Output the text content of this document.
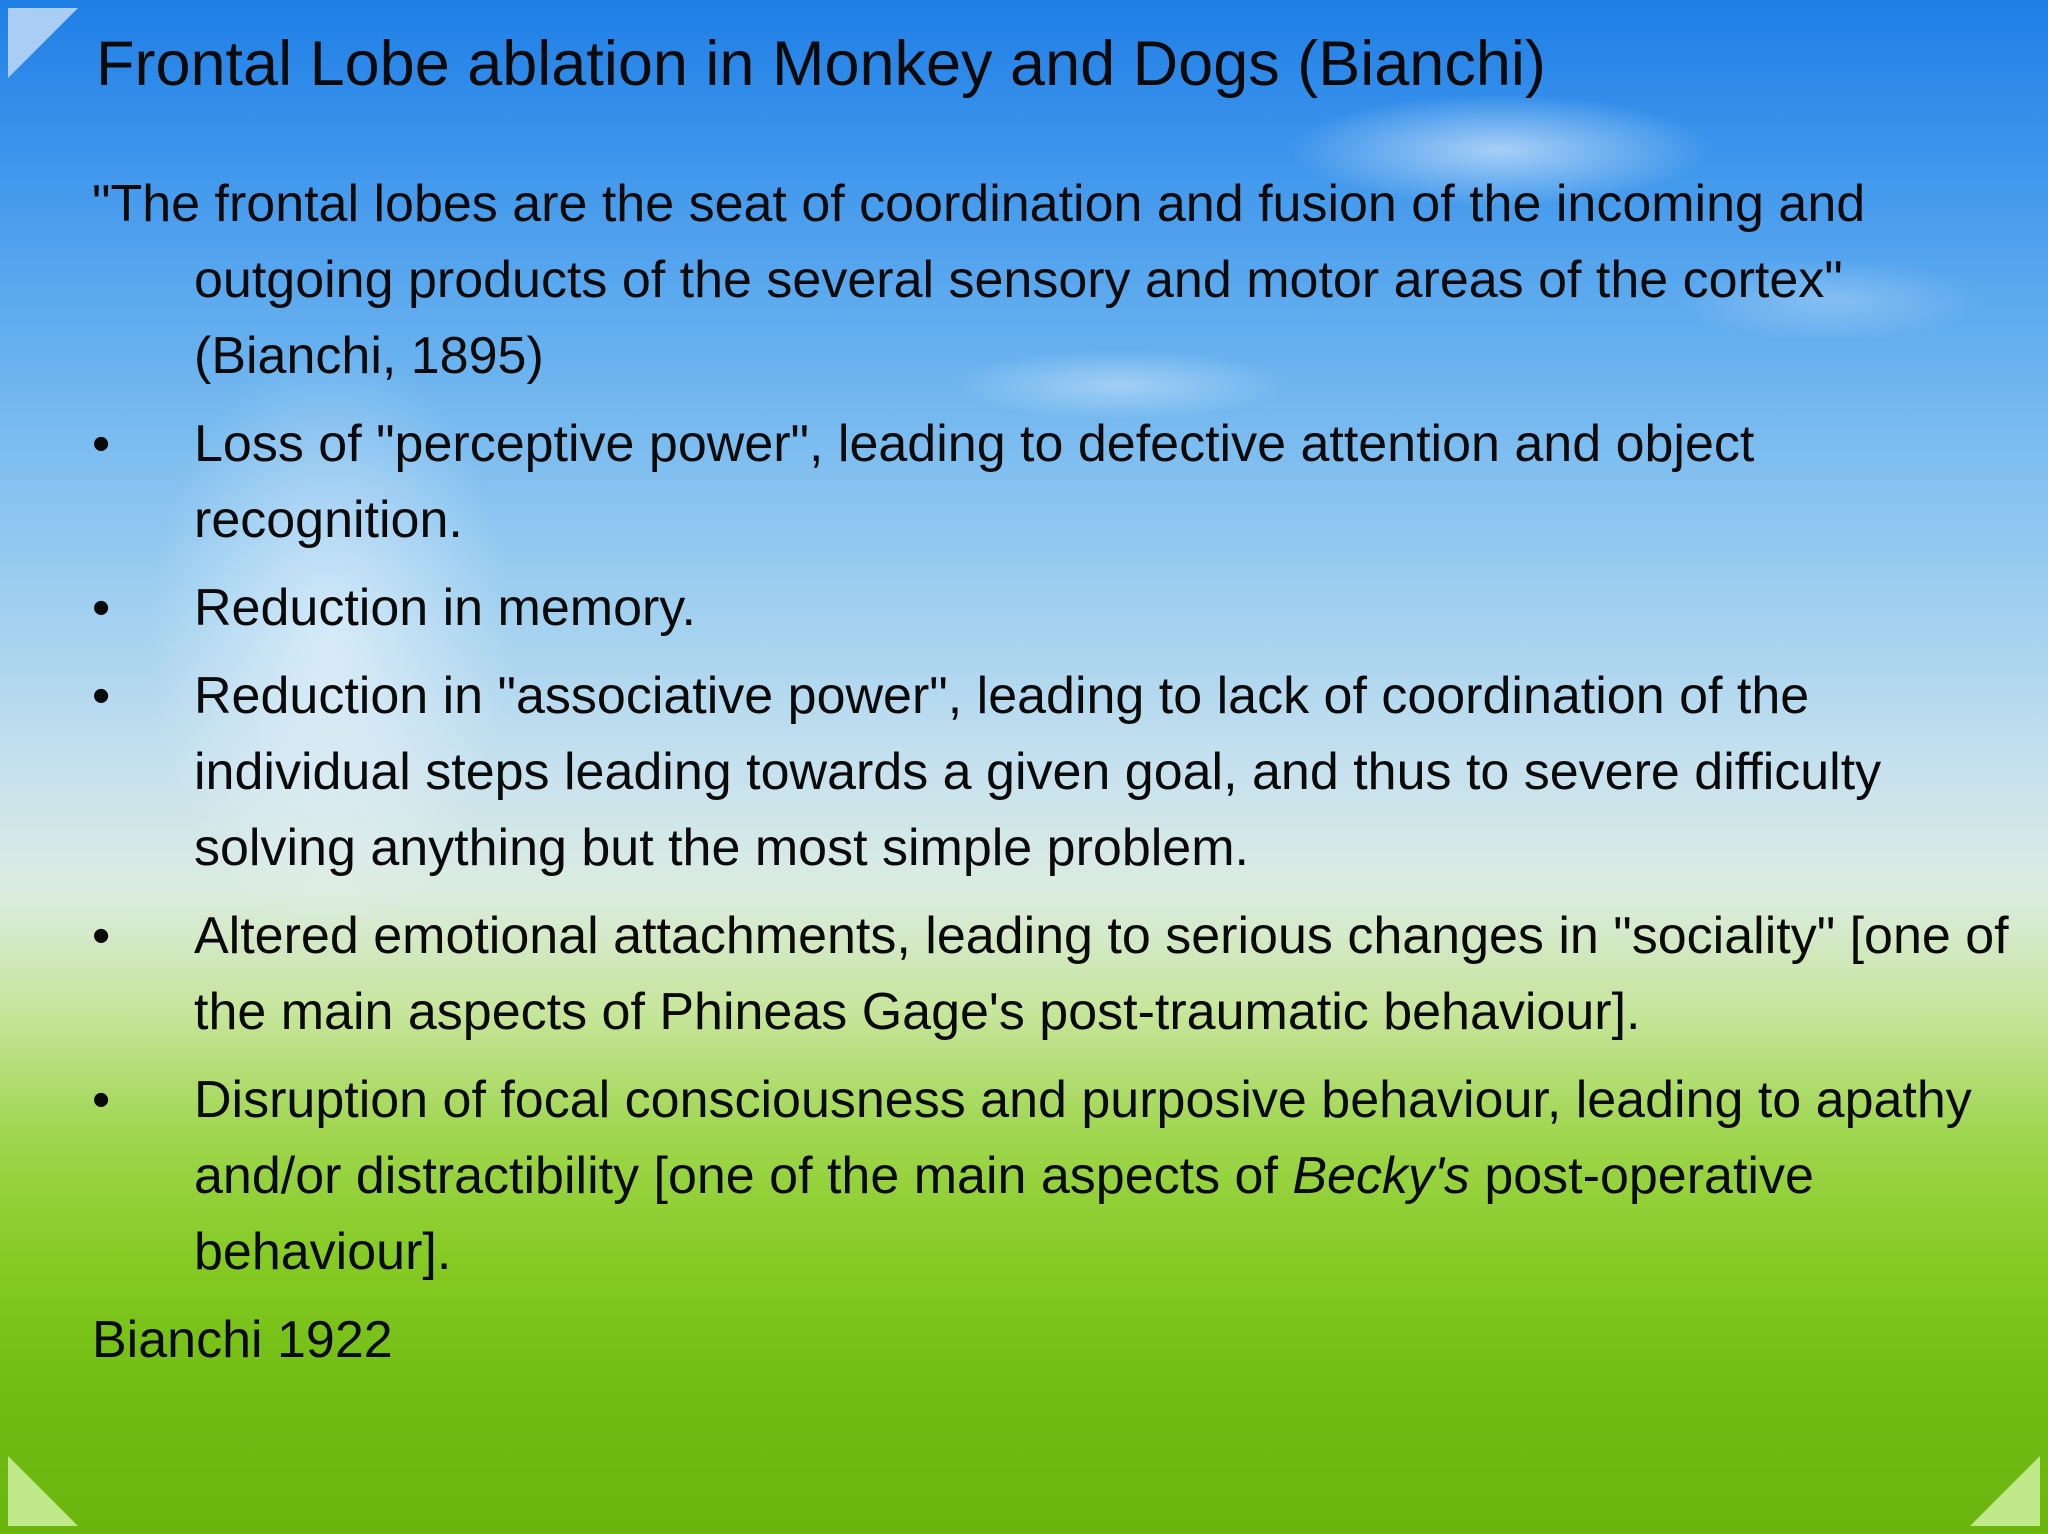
Frontal Lobe ablation in Monkey and Dogs (Bianchi)

"The frontal lobes are the seat of coordination and fusion of the incoming and outgoing products of the several sensory and motor areas of the cortex" (Bianchi, 1895)

•	Loss of "perceptive power", leading to defective attention and object recognition.
•	Reduction in memory.
•	Reduction in "associative power", leading to lack of coordination of the individual steps leading towards a given goal, and thus to severe difficulty solving anything but the most simple problem.
•	Altered emotional attachments, leading to serious changes in "sociality" [one of the main aspects of Phineas Gage's post-traumatic behaviour].
•	Disruption of focal consciousness and purposive behaviour, leading to apathy and/or distractibility [one of the main aspects of Becky's post-operative behaviour].

Bianchi 1922
